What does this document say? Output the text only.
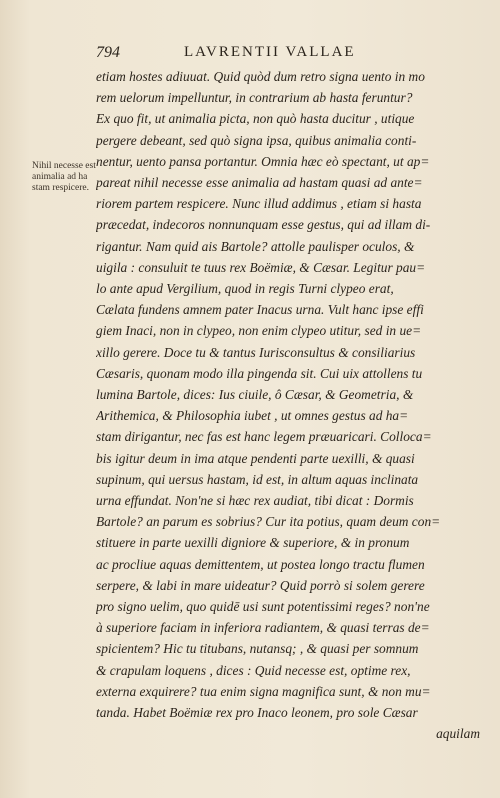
794	LAVRENTII VALLAE
Nihil necesse est
animalia ad ha
stam respicere.
etiam hostes adiuuat. Quid quòd dum retro signa uento in mo
rem uelorum impelluntur, in contrarium ab hasta feruntur?
Ex quo fit, ut animalia picta, non quò hasta ducitur , utique
pergere debeant, sed quò signa ipsa, quibus animalia conti-
nentur, uento pansa portantur. Omnia hæc eò spectant, ut ap=
pareat nihil necesse esse animalia ad hastam quasi ad ante=
riorem partem respicere. Nunc illud addimus , etiam si hasta
præcedat, indecoros nonnunquam esse gestus, qui ad illam di-
rigantur. Nam quid ais Bartole? attolle paulisper oculos, &
uigila : consuluit te tuus rex Boëmiæ, & Cæsar. Legitur pau=
lo ante apud Vergilium, quod in regis Turni clypeo erat,
Cælata fundens amnem pater Inacus urna. Vult hanc ipse effi
giem Inaci, non in clypeo, non enim clypeo utitur, sed in ue=
xillo gerere. Doce tu & tantus Iurisconsultus & consiliarius
Cæsaris, quonam modo illa pingenda sit. Cui uix attollens tu
lumina Bartole, dices: Ius ciuile, ô Cæsar, & Geometria, &
Arithemica, & Philosophia iubet , ut omnes gestus ad ha=
stam dirigantur, nec fas est hanc legem præuaricari. Colloca=
bis igitur deum in ima atque pendenti parte uexilli, & quasi
supinum, qui uersus hastam, id est, in altum aquas inclinata
urna effundat. Non'ne si hæc rex audiat, tibi dicat : Dormis
Bartole? an parum es sobrius? Cur ita potius, quam deum con=
stituere in parte uexilli digniore & superiore, & in pronum
ac procliue aquas demittentem, ut postea longo tractu flumen
serpere, & labi in mare uideatur? Quid porrò si solem gerere
pro signo uelim, quo quidē usi sunt potentissimi reges? non'ne
à superiore faciam in inferiora radiantem, & quasi terras de=
spicientem? Hic tu titubans, nutansq; , & quasi per somnum
& crapulam loquens , dices : Quid necesse est, optime rex,
externa exquirere? tua enim signa magnifica sunt, & non mu=
tanda. Habet Boëmiæ rex pro Inaco leonem, pro sole Cæsar
aquilam
